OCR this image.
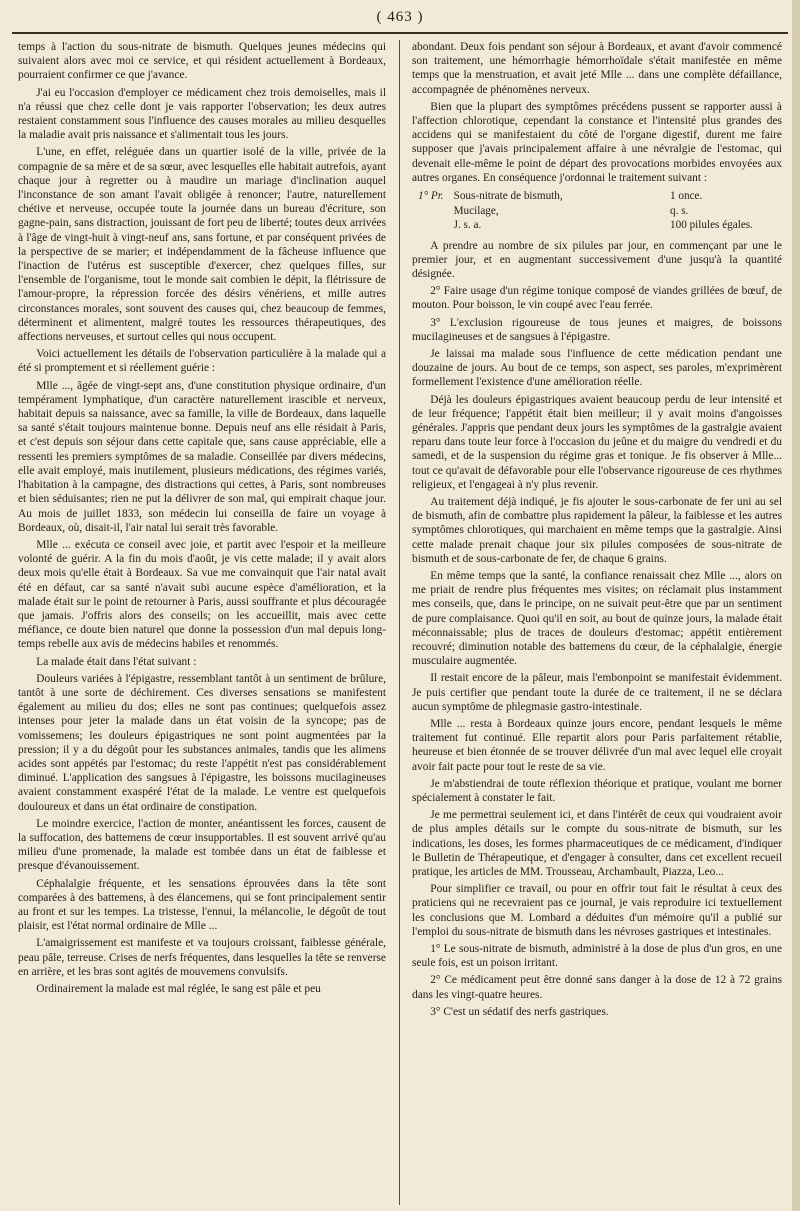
( 463 )

temps à l'action du sous-nitrate de bismuth. Quelques jeunes médecins qui suivaient alors avec moi ce service, et qui résident actuellement à Bordeaux, pourraient confirmer ce que j'avance.

J'ai eu l'occasion d'employer ce médicament chez trois demoiselles, mais il n'a réussi que chez celle dont je vais rapporter l'observation; les deux autres restaient constamment sous l'influence des causes morales au milieu desquelles la maladie avait pris naissance et s'alimentait tous les jours.

L'une, en effet, reléguée dans un quartier isolé de la ville, privée de la compagnie de sa mère et de sa sœur, avec lesquelles elle habitait autrefois, ayant chaque jour à regretter ou à maudire un mariage d'inclination auquel l'inconstance de son amant l'avait obligée à renoncer; l'autre, naturellement chétive et nerveuse, occupée toute la journée dans un bureau d'écriture, son gagne-pain, sans distraction, jouissant de fort peu de liberté; toutes deux arrivées à l'âge de vingt-huit à vingt-neuf ans, sans fortune, et par conséquent privées de la perspective de se marier; et indépendamment de la fâcheuse influence que l'inaction de l'utérus est susceptible d'exercer, chez quelques filles, sur l'ensemble de l'organisme, tout le monde sait combien le dépit, la flétrissure de l'amour-propre, la répression forcée des désirs vénériens, et mille autres circonstances morales, sont souvent des causes qui, chez beaucoup de femmes, déterminent et alimentent, malgré toutes les ressources thérapeutiques, des affections nerveuses, et surtout celles qui nous occupent.

Voici actuellement les détails de l'observation particulière à la malade qui a été si promptement et si réellement guérie :

Mlle ..., âgée de vingt-sept ans, d'une constitution physique ordinaire, d'un tempérament lymphatique, d'un caractère naturellement irascible et nerveux, habitait depuis sa naissance, avec sa famille, la ville de Bordeaux, dans laquelle sa santé s'était toujours maintenue bonne. Depuis neuf ans elle résidait à Paris, et c'est depuis son séjour dans cette capitale que, sans cause appréciable, elle a ressenti les premiers symptômes de sa maladie. Conseillée par divers médecins, elle avait employé, mais inutilement, plusieurs médications, des régimes variés, l'habitation à la campagne, des distractions qui cettes, à Paris, sont nombreuses et bien séduisantes; rien ne put la délivrer de son mal, qui empirait chaque jour. Au mois de juillet 1833, son médecin lui conseilla de faire un voyage à Bordeaux, où, disait-il, l'air natal lui serait très favorable.

Mlle ... exécuta ce conseil avec joie, et partit avec l'espoir et la meilleure volonté de guérir. A la fin du mois d'août, je vis cette malade; il y avait alors deux mois qu'elle était à Bordeaux. Sa vue me convainquit que l'air natal avait été en défaut, car sa santé n'avait subi aucune espèce d'amélioration, et la malade était sur le point de retourner à Paris, aussi souffrante et plus découragée que jamais. J'offris alors des conseils; on les accueillit, mais avec cette méfiance, ce doute bien naturel que donne la possession d'un mal depuis long-temps rebelle aux avis de médecins habiles et renommés.

La malade était dans l'état suivant :

Douleurs variées à l'épigastre, ressemblant tantôt à un sentiment de brûlure, tantôt à une sorte de déchirement. Ces diverses sensations se manifestent également au milieu du dos; elles ne sont pas continues; quelquefois assez intenses pour jeter la malade dans un état voisin de la syncope; pas de vomissemens; les douleurs épigastriques ne sont point augmentées par la pression; il y a du dégoût pour les substances animales, tandis que les alimens acides sont appétés par l'estomac; du reste l'appétit n'est pas considérablement diminué. L'application des sangsues à l'épigastre, les boissons mucilagineuses avaient constamment exaspéré l'état de la malade. Le ventre est quelquefois douloureux et dans un état ordinaire de constipation.

Le moindre exercice, l'action de monter, anéantissent les forces, causent de la suffocation, des battemens de cœur insupportables. Il est souvent arrivé qu'au milieu d'une promenade, la malade est tombée dans un état de faiblesse et presque d'évanouissement.

Céphalalgie fréquente, et les sensations éprouvées dans la tête sont comparées à des battemens, à des élancemens, qui se font principalement sentir au front et sur les tempes. La tristesse, l'ennui, la mélancolie, le dégoût de tout plaisir, est l'état normal ordinaire de Mlle ...

L'amaigrissement est manifeste et va toujours croissant, faiblesse générale, peau pâle, terreuse. Crises de nerfs fréquentes, dans lesquelles la tête se renverse en arrière, et les bras sont agités de mouvemens convulsifs.

Ordinairement la malade est mal réglée, le sang est pâle et peu

abondant. Deux fois pendant son séjour à Bordeaux, et avant d'avoir commencé son traitement, une hémorrhagie hémorrhoïdale s'était manifestée en même temps que la menstruation, et avait jeté Mlle ... dans une complète défaillance, accompagnée de phénomènes nerveux.

Bien que la plupart des symptômes précédens pussent se rapporter aussi à l'affection chlorotique, cependant la constance et l'intensité plus grandes des accidens qui se manifestaient du côté de l'organe digestif, durent me faire supposer que j'avais principalement affaire à une névralgie de l'estomac, qui devenait elle-même le point de départ des provocations morbides envoyées aux autres organes. En conséquence j'ordonnai le traitement suivant :

1° Pr. Sous-nitrate de bismuth,	1 once.
Mucilage,	q. s.
J. s. a.	100 pilules égales.

A prendre au nombre de six pilules par jour, en commençant par une le premier jour, et en augmentant successivement d'une jusqu'à la quantité désignée.

2° Faire usage d'un régime tonique composé de viandes grillées de bœuf, de mouton. Pour boisson, le vin coupé avec l'eau ferrée.

3° L'exclusion rigoureuse de tous jeunes et maigres, de boissons mucilagineuses et de sangsues à l'épigastre.

Je laissai ma malade sous l'influence de cette médication pendant une douzaine de jours. Au bout de ce temps, son aspect, ses paroles, m'exprimèrent formellement l'existence d'une amélioration réelle.

Déjà les douleurs épigastriques avaient beaucoup perdu de leur intensité et de leur fréquence; l'appétit était bien meilleur; il y avait moins d'angoisses générales. J'appris que pendant deux jours les symptômes de la gastralgie avaient reparu dans toute leur force à l'occasion du jeûne et du maigre du vendredi et du samedi, et de la suspension du régime gras et tonique. Je fis observer à Mlle... tout ce qu'avait de défavorable pour elle l'observance rigoureuse de ces rhythmes religieux, et l'engageai à n'y plus revenir.

Au traitement déjà indiqué, je fis ajouter le sous-carbonate de fer uni au sel de bismuth, afin de combattre plus rapidement la pâleur, la faiblesse et les autres symptômes chlorotiques, qui marchaient en même temps que la gastralgie. Ainsi cette malade prenait chaque jour six pilules composées de sous-nitrate de bismuth et de sous-carbonate de fer, de chaque 6 grains.

En même temps que la santé, la confiance renaissait chez Mlle ..., alors on me priait de rendre plus fréquentes mes visites; on réclamait plus instamment mes conseils, que, dans le principe, on ne suivait peut-être que par un sentiment de pure complaisance. Quoi qu'il en soit, au bout de quinze jours, la malade était méconnaissable; plus de traces de douleurs d'estomac; appétit entièrement recouvré; diminution notable des battemens du cœur, de la céphalalgie, énergie musculaire augmentée.

Il restait encore de la pâleur, mais l'embonpoint se manifestait évidemment. Je puis certifier que pendant toute la durée de ce traitement, il ne se déclara aucun symptôme de phlegmasie gastro-intestinale.

Mlle ... resta à Bordeaux quinze jours encore, pendant lesquels le même traitement fut continué. Elle repartit alors pour Paris parfaitement rétablie, heureuse et bien étonnée de se trouver délivrée d'un mal avec lequel elle croyait avoir fait pacte pour tout le reste de sa vie.

Je m'abstiendrai de toute réflexion théorique et pratique, voulant me borner spécialement à constater le fait.

Je me permettrai seulement ici, et dans l'intérêt de ceux qui voudraient avoir de plus amples détails sur le compte du sous-nitrate de bismuth, sur les indications, les doses, les formes pharmaceutiques de ce médicament, d'indiquer le Bulletin de Thérapeutique, et d'engager à consulter, dans cet excellent recueil pratique, les articles de MM. Trousseau, Archambault, Piazza, Leo...

Pour simplifier ce travail, ou pour en offrir tout fait le résultat à ceux des praticiens qui ne recevraient pas ce journal, je vais reproduire ici textuellement les conclusions que M. Lombard a déduites d'un mémoire qu'il a publié sur l'emploi du sous-nitrate de bismuth dans les névroses gastriques et intestinales.

1° Le sous-nitrate de bismuth, administré à la dose de plus d'un gros, en une seule fois, est un poison irritant.

2° Ce médicament peut être donné sans danger à la dose de 12 à 72 grains dans les vingt-quatre heures.

3° C'est un sédatif des nerfs gastriques.
